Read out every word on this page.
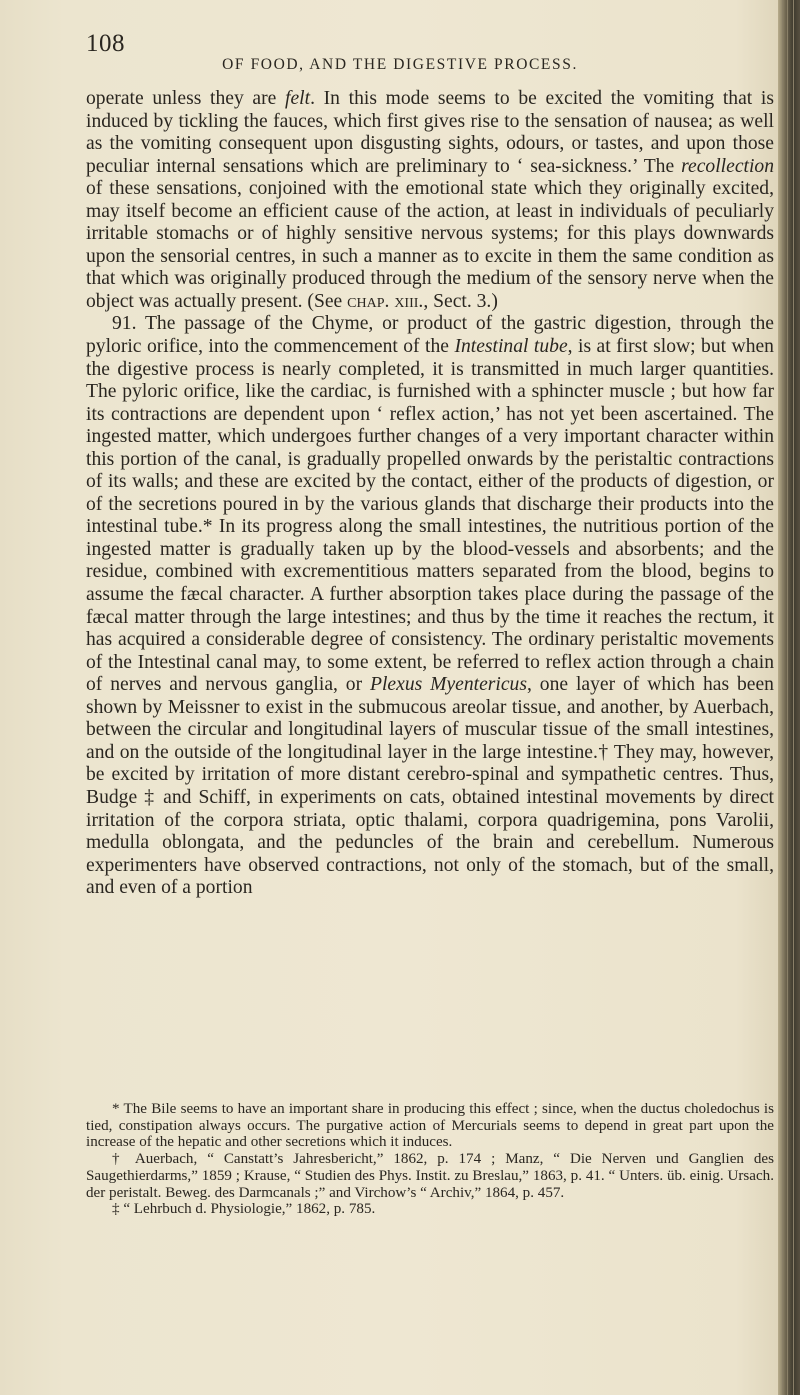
108
OF FOOD, AND THE DIGESTIVE PROCESS.

operate unless they are felt. In this mode seems to be excited the vomiting that is induced by tickling the fauces, which first gives rise to the sensation of nausea; as well as the vomiting consequent upon disgusting sights, odours, or tastes, and upon those peculiar internal sensations which are preliminary to ‘ sea-sickness.’ The recollection of these sensations, conjoined with the emotional state which they originally excited, may itself become an efficient cause of the action, at least in individuals of peculiarly irritable stomachs or of highly sensitive nervous systems; for this plays downwards upon the sensorial centres, in such a manner as to excite in them the same condition as that which was originally produced through the medium of the sensory nerve when the object was actually present. (See chap. xiii., Sect. 3.)

91. The passage of the Chyme, or product of the gastric digestion, through the pyloric orifice, into the commencement of the Intestinal tube, is at first slow; but when the digestive process is nearly completed, it is transmitted in much larger quantities. The pyloric orifice, like the cardiac, is furnished with a sphincter muscle ; but how far its contractions are dependent upon ‘ reflex action,’ has not yet been ascertained. The ingested matter, which undergoes further changes of a very important character within this portion of the canal, is gradually propelled onwards by the peristaltic contractions of its walls; and these are excited by the contact, either of the products of digestion, or of the secretions poured in by the various glands that discharge their products into the intestinal tube.* In its progress along the small intestines, the nutritious portion of the ingested matter is gradually taken up by the blood-vessels and absorbents; and the residue, combined with excrementitious matters separated from the blood, begins to assume the fæcal character. A further absorption takes place during the passage of the fæcal matter through the large intestines; and thus by the time it reaches the rectum, it has acquired a considerable degree of consistency. The ordinary peristaltic movements of the Intestinal canal may, to some extent, be referred to reflex action through a chain of nerves and nervous ganglia, or Plexus Myentericus, one layer of which has been shown by Meissner to exist in the submucous areolar tissue, and another, by Auerbach, between the circular and longitudinal layers of muscular tissue of the small intestines, and on the outside of the longitudinal layer in the large intestine.† They may, however, be excited by irritation of more distant cerebro-spinal and sympathetic centres. Thus, Budge ‡ and Schiff, in experiments on cats, obtained intestinal movements by direct irritation of the corpora striata, optic thalami, corpora quadrigemina, pons Varolii, medulla oblongata, and the peduncles of the brain and cerebellum. Numerous experimenters have observed contractions, not only of the stomach, but of the small, and even of a portion

* The Bile seems to have an important share in producing this effect ; since, when the ductus choledochus is tied, constipation always occurs. The purgative action of Mercurials seems to depend in great part upon the increase of the hepatic and other secretions which it induces.

† Auerbach, “ Canstatt’s Jahresbericht,” 1862, p. 174 ; Manz, “ Die Nerven und Ganglien des Saugethierdarms,” 1859 ; Krause, “ Studien des Phys. Instit. zu Breslau,” 1863, p. 41. “ Unters. üb. einig. Ursach. der peristalt. Beweg. des Darmcanals ;” and Virchow’s “ Archiv,” 1864, p. 457.

‡ “ Lehrbuch d. Physiologie,” 1862, p. 785.
